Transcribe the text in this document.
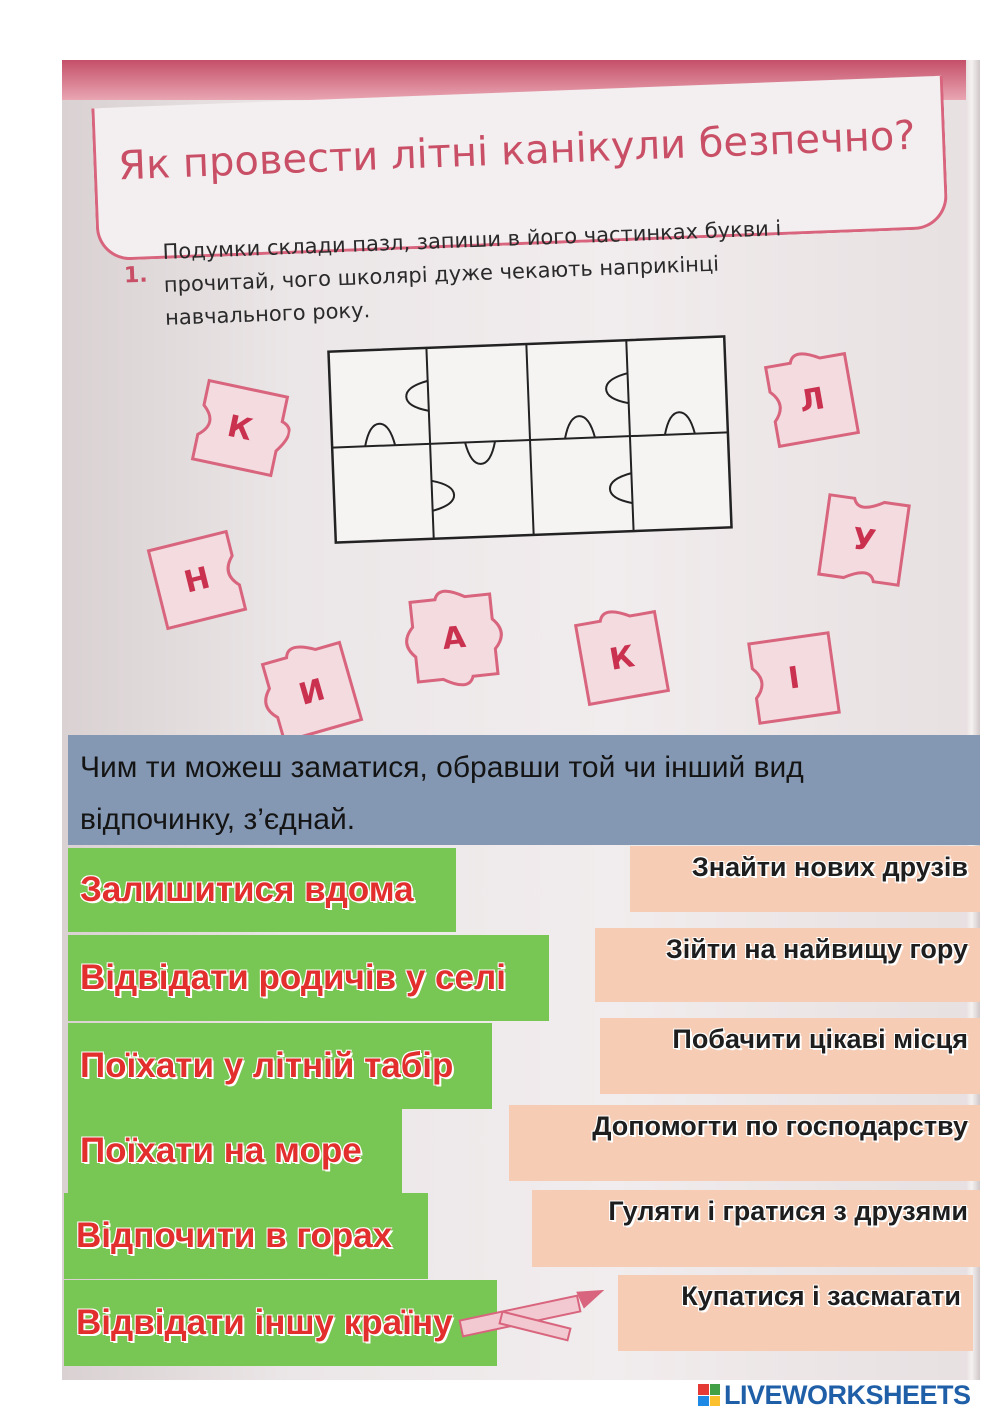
Як провести літні канікули безпечно?
1.
Подумки склади пазл, запиши в його частинках букви і прочитай, чого школярі дуже чекають наприкінці навчального року.
К
Л
У
Н
А
К
І
И
Чим ти можеш заматися, обравши той чи інший вид відпочинку, з’єднай.
Залишитися вдома
Відвідати родичів у селі
Поїхати у літній табір
Поїхати на море
Відпочити в горах
Відвідати іншу країну
Знайти нових друзів
Зійти на найвищу гору
Побачити цікаві місця
Допомогти по господарству
Гуляти і гратися з друзями
Купатися і засмагати
LIVEWORKSHEETS
